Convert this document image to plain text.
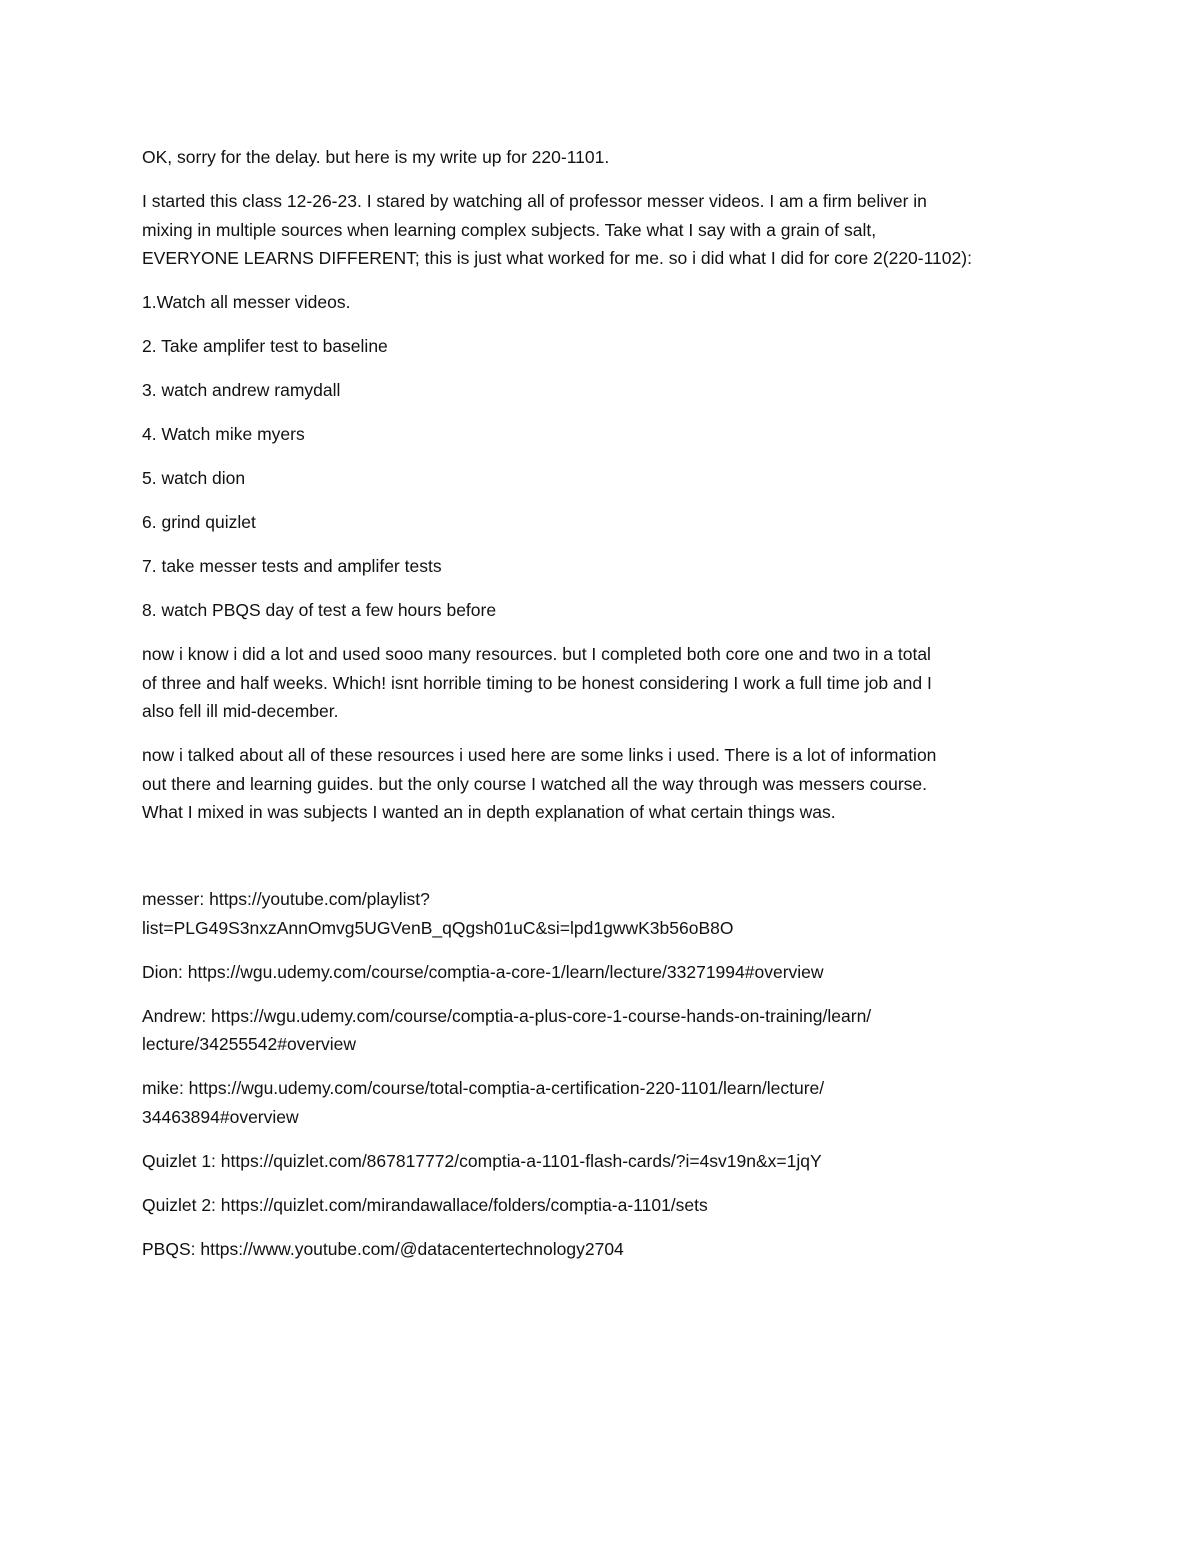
OK, sorry for the delay. but here is my write up for 220-1101.

I started this class 12-26-23. I stared by watching all of professor messer videos. I am a firm beliver in
mixing in multiple sources when learning complex subjects. Take what I say with a grain of salt,
EVERYONE LEARNS DIFFERENT; this is just what worked for me. so i did what I did for core 2(220-1102):

1.Watch all messer videos.

2. Take amplifer test to baseline

3. watch andrew ramydall

4. Watch mike myers

5. watch dion

6. grind quizlet

7. take messer tests and amplifer tests

8. watch PBQS day of test a few hours before

now i know i did a lot and used sooo many resources. but I completed both core one and two in a total
of three and half weeks. Which! isnt horrible timing to be honest considering I work a full time job and I
also fell ill mid-december.

now i talked about all of these resources i used here are some links i used. There is a lot of information
out there and learning guides. but the only course I watched all the way through was messers course.
What I mixed in was subjects I wanted an in depth explanation of what certain things was.

messer: https://youtube.com/playlist?
list=PLG49S3nxzAnnOmvg5UGVenB_qQgsh01uC&si=lpd1gwwK3b56oB8O

Dion: https://wgu.udemy.com/course/comptia-a-core-1/learn/lecture/33271994#overview

Andrew: https://wgu.udemy.com/course/comptia-a-plus-core-1-course-hands-on-training/learn/
lecture/34255542#overview

mike: https://wgu.udemy.com/course/total-comptia-a-certification-220-1101/learn/lecture/
34463894#overview

Quizlet 1: https://quizlet.com/867817772/comptia-a-1101-flash-cards/?i=4sv19n&x=1jqY

Quizlet 2: https://quizlet.com/mirandawallace/folders/comptia-a-1101/sets

PBQS: https://www.youtube.com/@datacentertechnology2704
